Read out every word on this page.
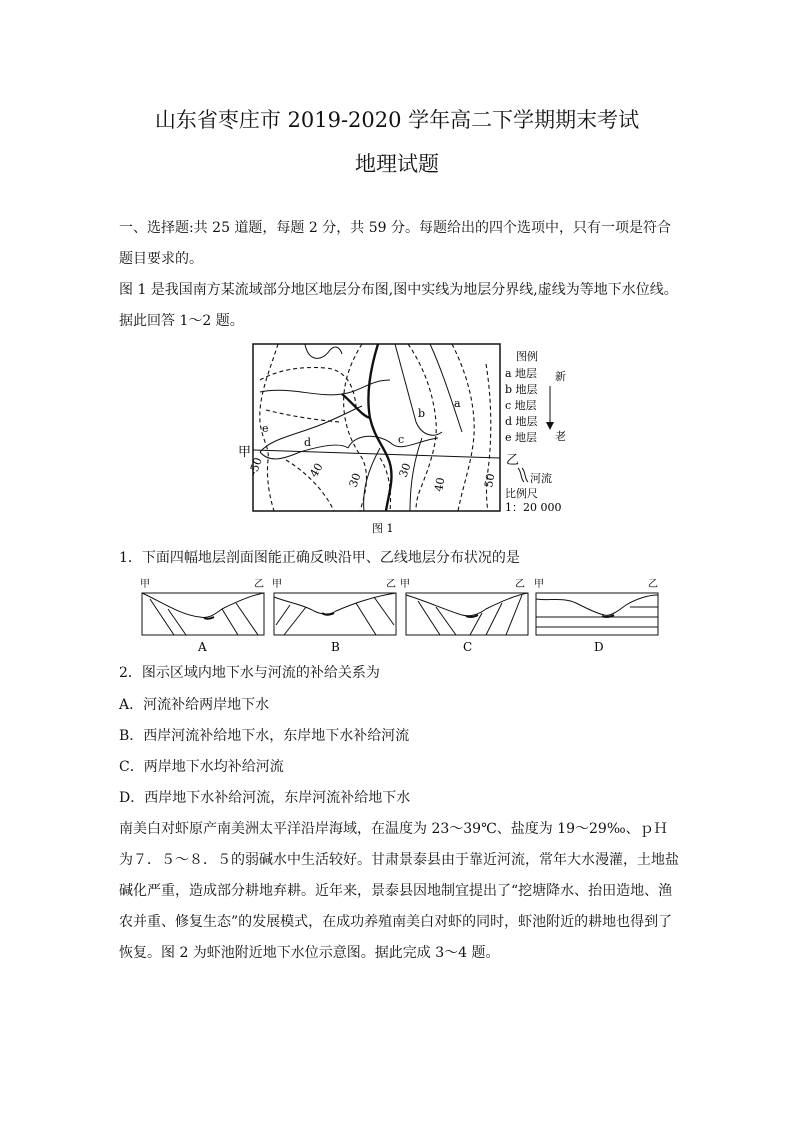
山东省枣庄市 2019-2020 学年高二下学期期末考试
地理试题

一、选择题:共 25 道题，每题 2 分，共 59 分。每题给出的四个选项中，只有一项是符合题目要求的。

图 1 是我国南方某流域部分地区地层分布图,图中实线为地层分界线,虚线为等地下水位线。据此回答 1～2 题。

甲
乙
a
b
c
d
e
-50	40
30
30
40	50
图例
a 地层
b 地层
c 地层
d 地层
e 地层
新
老
河流
比例尺
1：20 000
图 1

1．下面四幅地层剖面图能正确反映沿甲、乙线地层分布状况的是

甲	乙
A
甲	乙
B
甲	乙
C
甲	乙
D

2．图示区域内地下水与河流的补给关系为

A．河流补给两岸地下水

B．西岸河流补给地下水，东岸地下水补给河流

C．两岸地下水均补给河流

D．西岸地下水补给河流，东岸河流补给地下水

南美白对虾原产南美洲太平洋沿岸海域，在温度为 23～39℃、盐度为 19～29‰、ｐＨ为７．５～８．５的弱碱水中生活较好。甘肃景泰县由于靠近河流，常年大水漫灌，土地盐碱化严重，造成部分耕地弃耕。近年来，景泰县因地制宜提出了“挖塘降水、抬田造地、渔农并重、修复生态”的发展模式，在成功养殖南美白对虾的同时，虾池附近的耕地也得到了恢复。图 2 为虾池附近地下水位示意图。据此完成 3～4 题。
